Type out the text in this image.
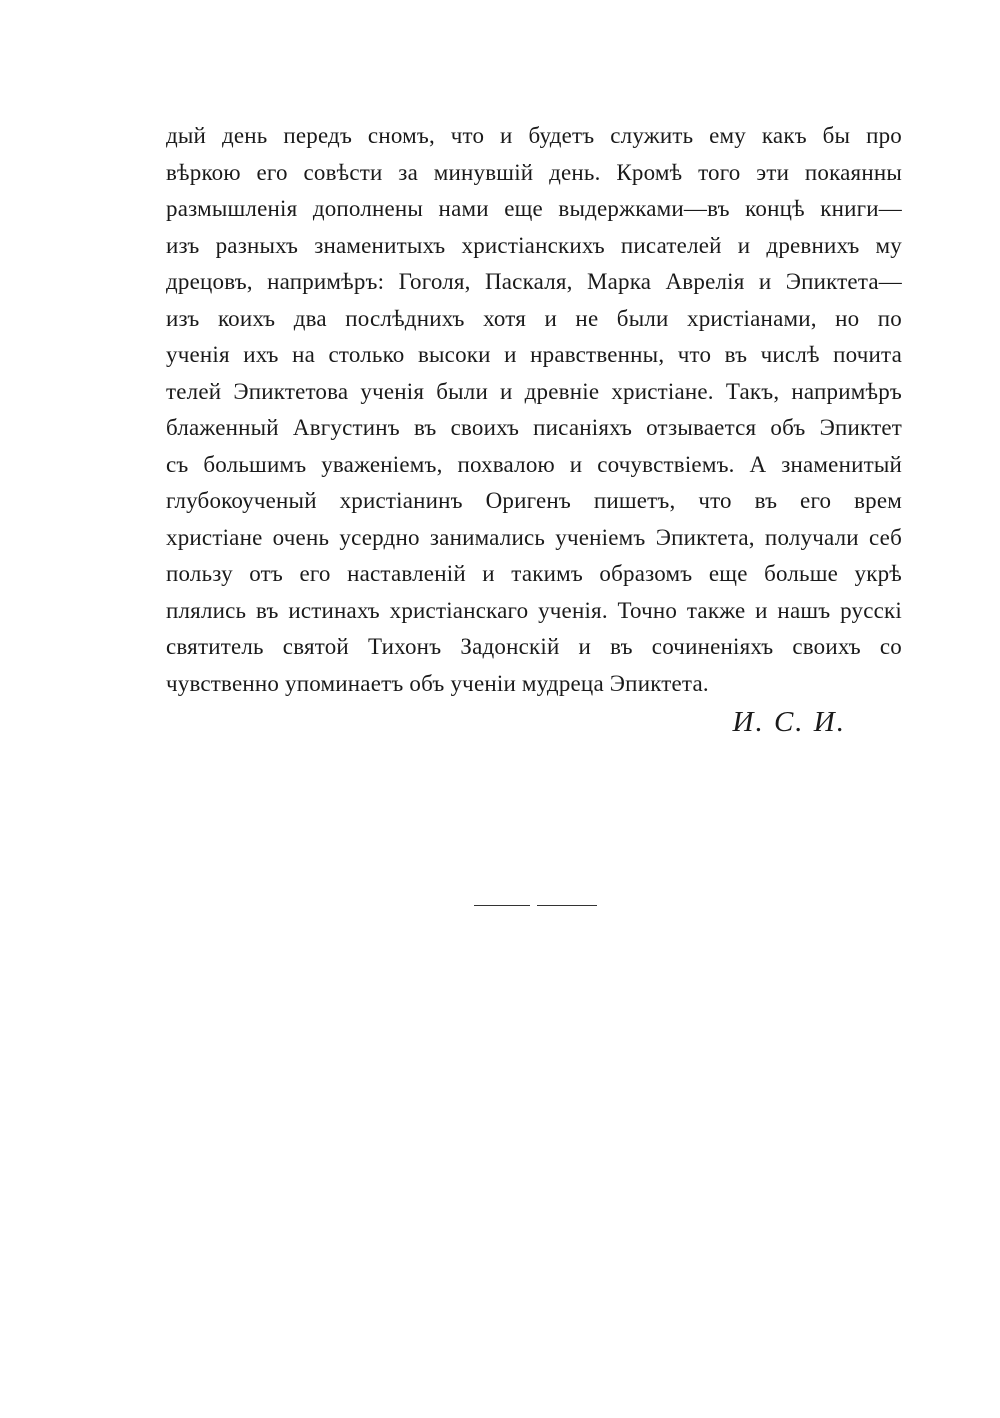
дый день передъ сномъ, что и будетъ служить ему какъ бы про
вѣркою его совѣсти за минувшій день. Кромѣ того эти покаянны
размышленія дополнены нами еще выдержками—въ концѣ книги—
изъ разныхъ знаменитыхъ христіанскихъ писателей и древнихъ му
дрецовъ, напримѣръ: Гоголя, Паскаля, Марка Аврелія и Эпиктета—
изъ коихъ два послѣднихъ хотя и не были христіанами, но по
ученія ихъ на столько высоки и нравственны, что въ числѣ почита
телей Эпиктетова ученія были и древніе христiане. Такъ, напримѣръ
блаженный Августинъ въ своихъ писаніяхъ отзывается объ Эпиктет
съ большимъ уваженіемъ, похвалою и сочувствіемъ. А знаменитый
глубокоученый христіанинъ Оригенъ пишетъ, что въ его врем
христiане очень усердно занимались ученіемъ Эпиктета, получали себ
пользу отъ его наставленій и такимъ образомъ еще больше укрѣ
плялись въ истинахъ христіанскаго ученія. Точно также и нашъ русскі
святитель святой Тихонъ Задонскій и въ сочиненіяхъ своихъ со
чувственно упоминаетъ объ ученіи мудреца Эпиктета.
И. С. И.
